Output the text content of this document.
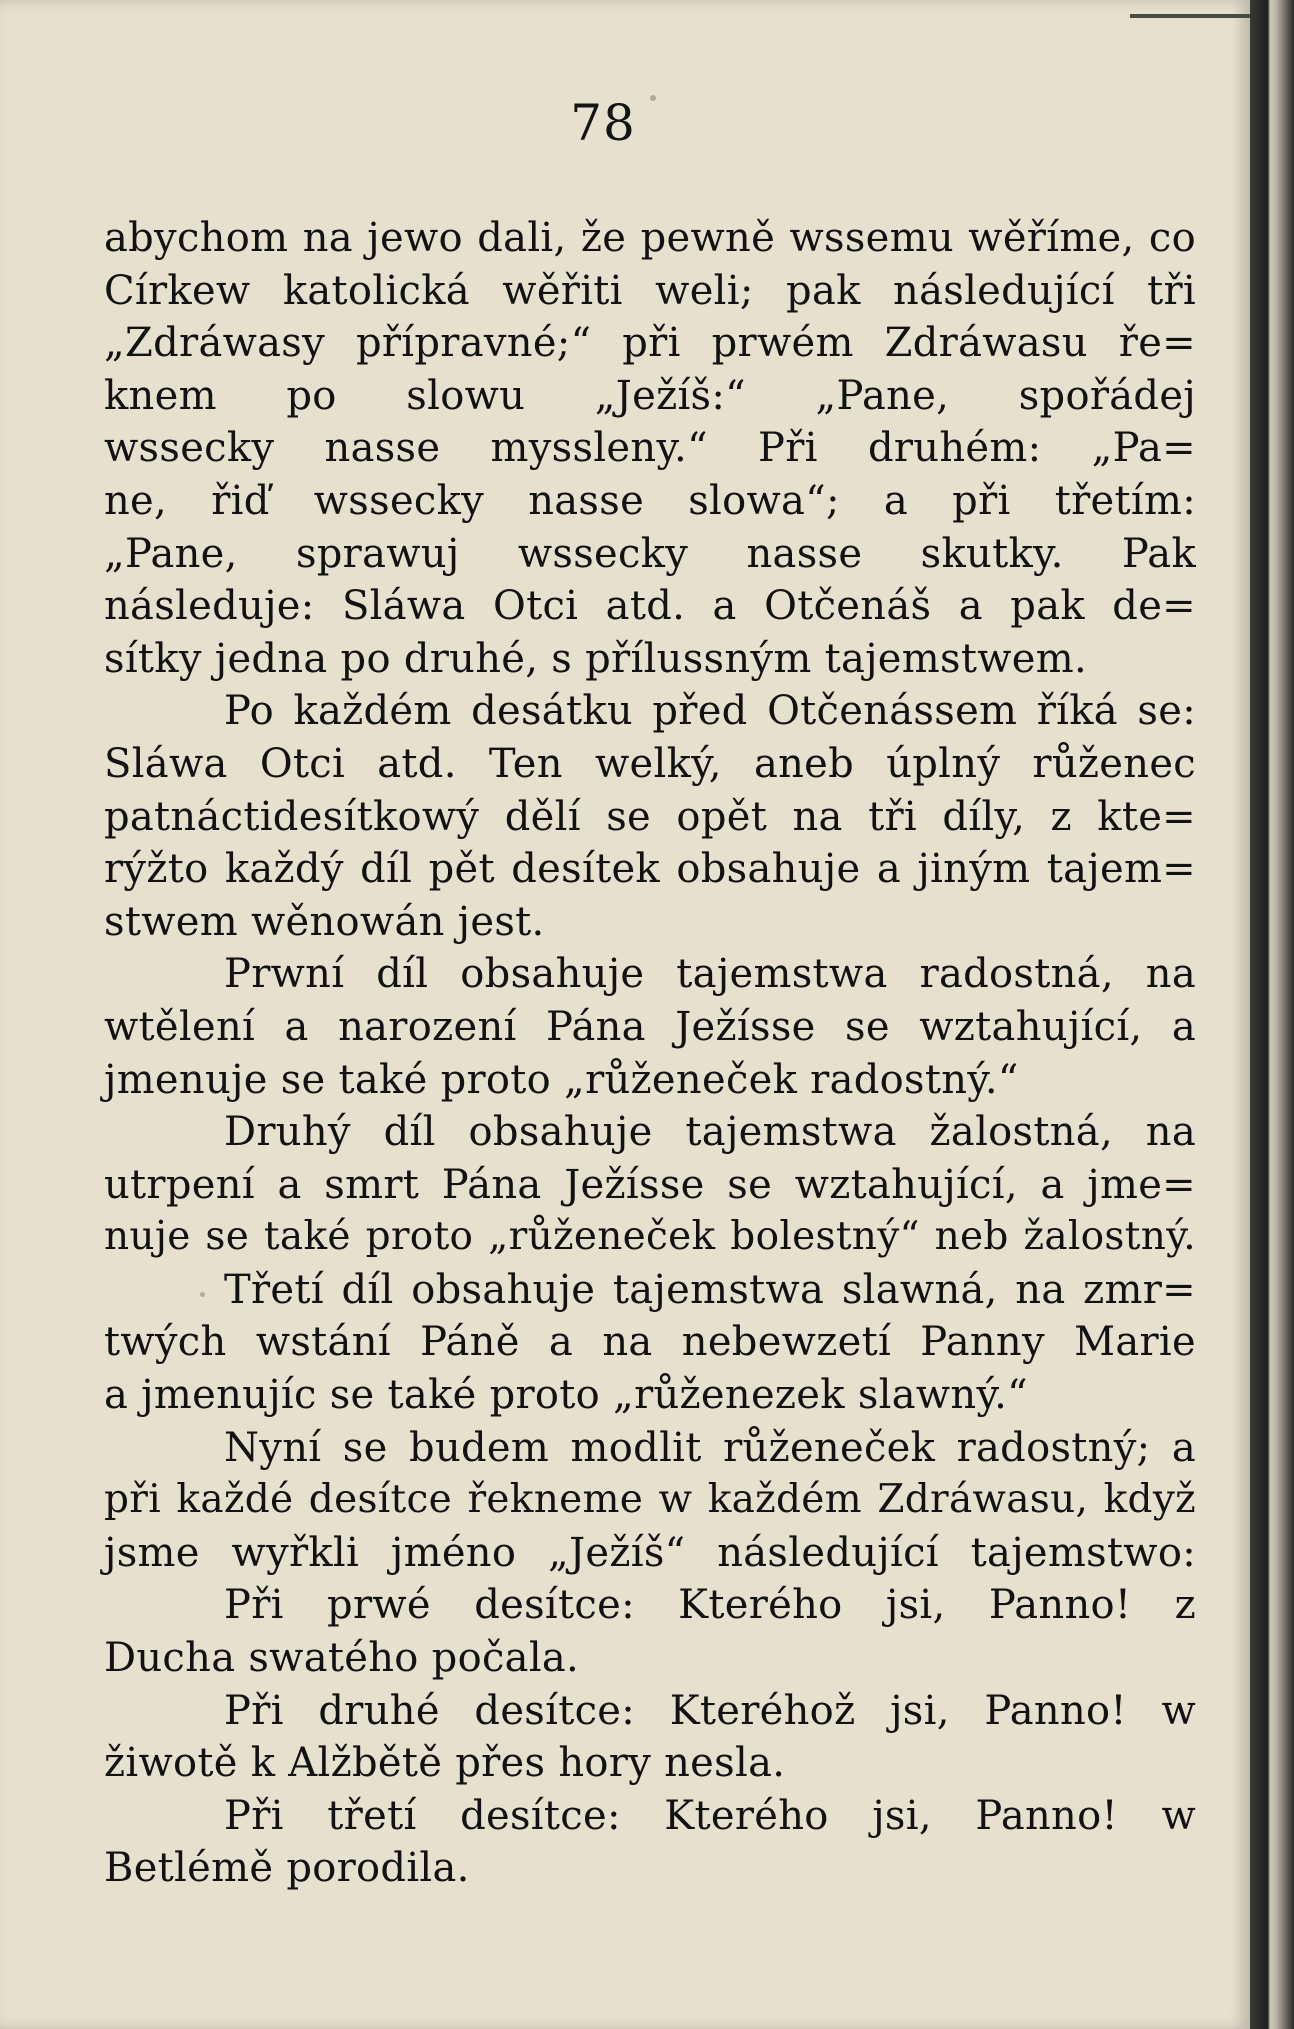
78
abychom na jewo dali, že pewně wssemu wěříme, co
Církew katolická wěřiti weli; pak následující tři
„Zdráwasy přípravné;“ při prwém Zdráwasu ře=
knem po slowu „Ježíš:“ „Pane, spořádej
wssecky nasse myssleny.“ Při druhém: „Pa=
ne, řiď wssecky nasse slowa“; a při třetím:
„Pane, sprawuj wssecky nasse skutky. Pak
následuje: Sláwa Otci atd. a Otčenáš a pak de=
sítky jedna po druhé, s přílussným tajemstwem.
Po každém desátku před Otčenássem říká se:
Sláwa Otci atd. Ten welký, aneb úplný růženec
patnáctidesítkowý dělí se opět na tři díly, z kte=
rýžto každý díl pět desítek obsahuje a jiným tajem=
stwem wěnowán jest.
Prwní díl obsahuje tajemstwa radostná, na
wtělení a narození Pána Ježísse se wztahující, a
jmenuje se také proto „růženeček radostný.“
Druhý díl obsahuje tajemstwa žalostná, na
utrpení a smrt Pána Ježísse se wztahující, a jme=
nuje se také proto „růženeček bolestný“ neb žalostný.
Třetí díl obsahuje tajemstwa slawná, na zmr=
twých wstání Páně a na nebewzetí Panny Marie
a jmenujíc se také proto „růženezek slawný.“
Nyní se budem modlit růženeček radostný; a
při každé desítce řekneme w každém Zdráwasu, když
jsme wyřkli jméno „Ježíš“ následující tajemstwo:
Při prwé desítce: Kterého jsi, Panno! z
Ducha swatého počala.
Při druhé desítce: Kteréhož jsi, Panno! w
žiwotě k Alžbětě přes hory nesla.
Při třetí desítce: Kterého jsi, Panno! w
Betlémě porodila.
